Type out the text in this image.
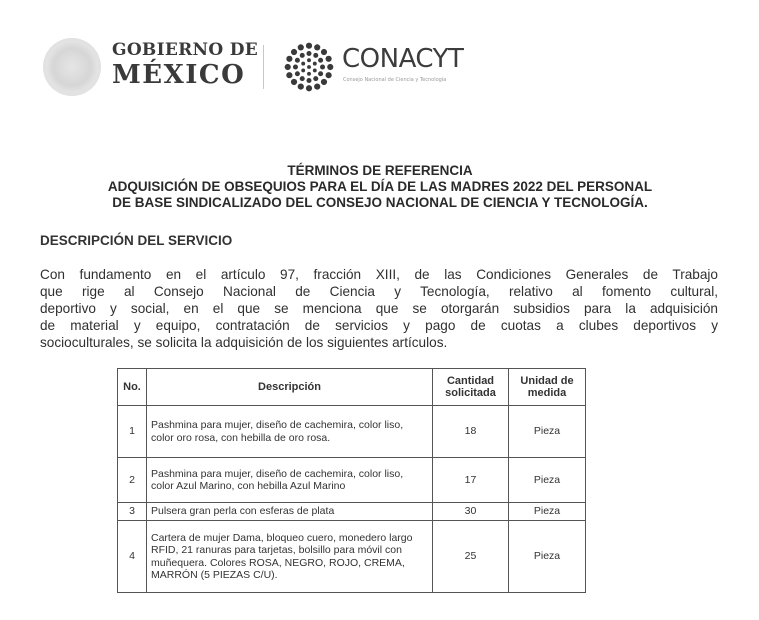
GOBIERNO DE
MÉXICO
CONACYT
Consejo Nacional de Ciencia y Tecnología
TÉRMINOS DE REFERENCIA
ADQUISICIÓN DE OBSEQUIOS PARA EL DÍA DE LAS MADRES 2022 DEL PERSONAL
DE BASE SINDICALIZADO DEL CONSEJO NACIONAL DE CIENCIA Y TECNOLOGÍA.
DESCRIPCIÓN DEL SERVICIO
Con fundamento en el artículo 97, fracción XIII, de las Condiciones Generales de Trabajo
que rige al Consejo Nacional de Ciencia y Tecnología, relativo al fomento cultural,
deportivo y social, en el que se menciona que se otorgarán subsidios para la adquisición
de material y equipo, contratación de servicios y pago de cuotas a clubes deportivos y
socioculturales, se solicita la adquisición de los siguientes artículos.
No.	Descripción	Cantidad solicitada	Unidad de medida
1	Pashmina para mujer, diseño de cachemira, color liso, color oro rosa, con hebilla de oro rosa.	18	Pieza
2	Pashmina para mujer, diseño de cachemira, color liso, color Azul Marino, con hebilla Azul Marino	17	Pieza
3	Pulsera gran perla con esferas de plata	30	Pieza
4	Cartera de mujer Dama, bloqueo cuero, monedero largo RFID, 21 ranuras para tarjetas, bolsillo para móvil con muñequera. Colores ROSA, NEGRO, ROJO, CREMA, MARRÓN (5 PIEZAS C/U).	25	Pieza
